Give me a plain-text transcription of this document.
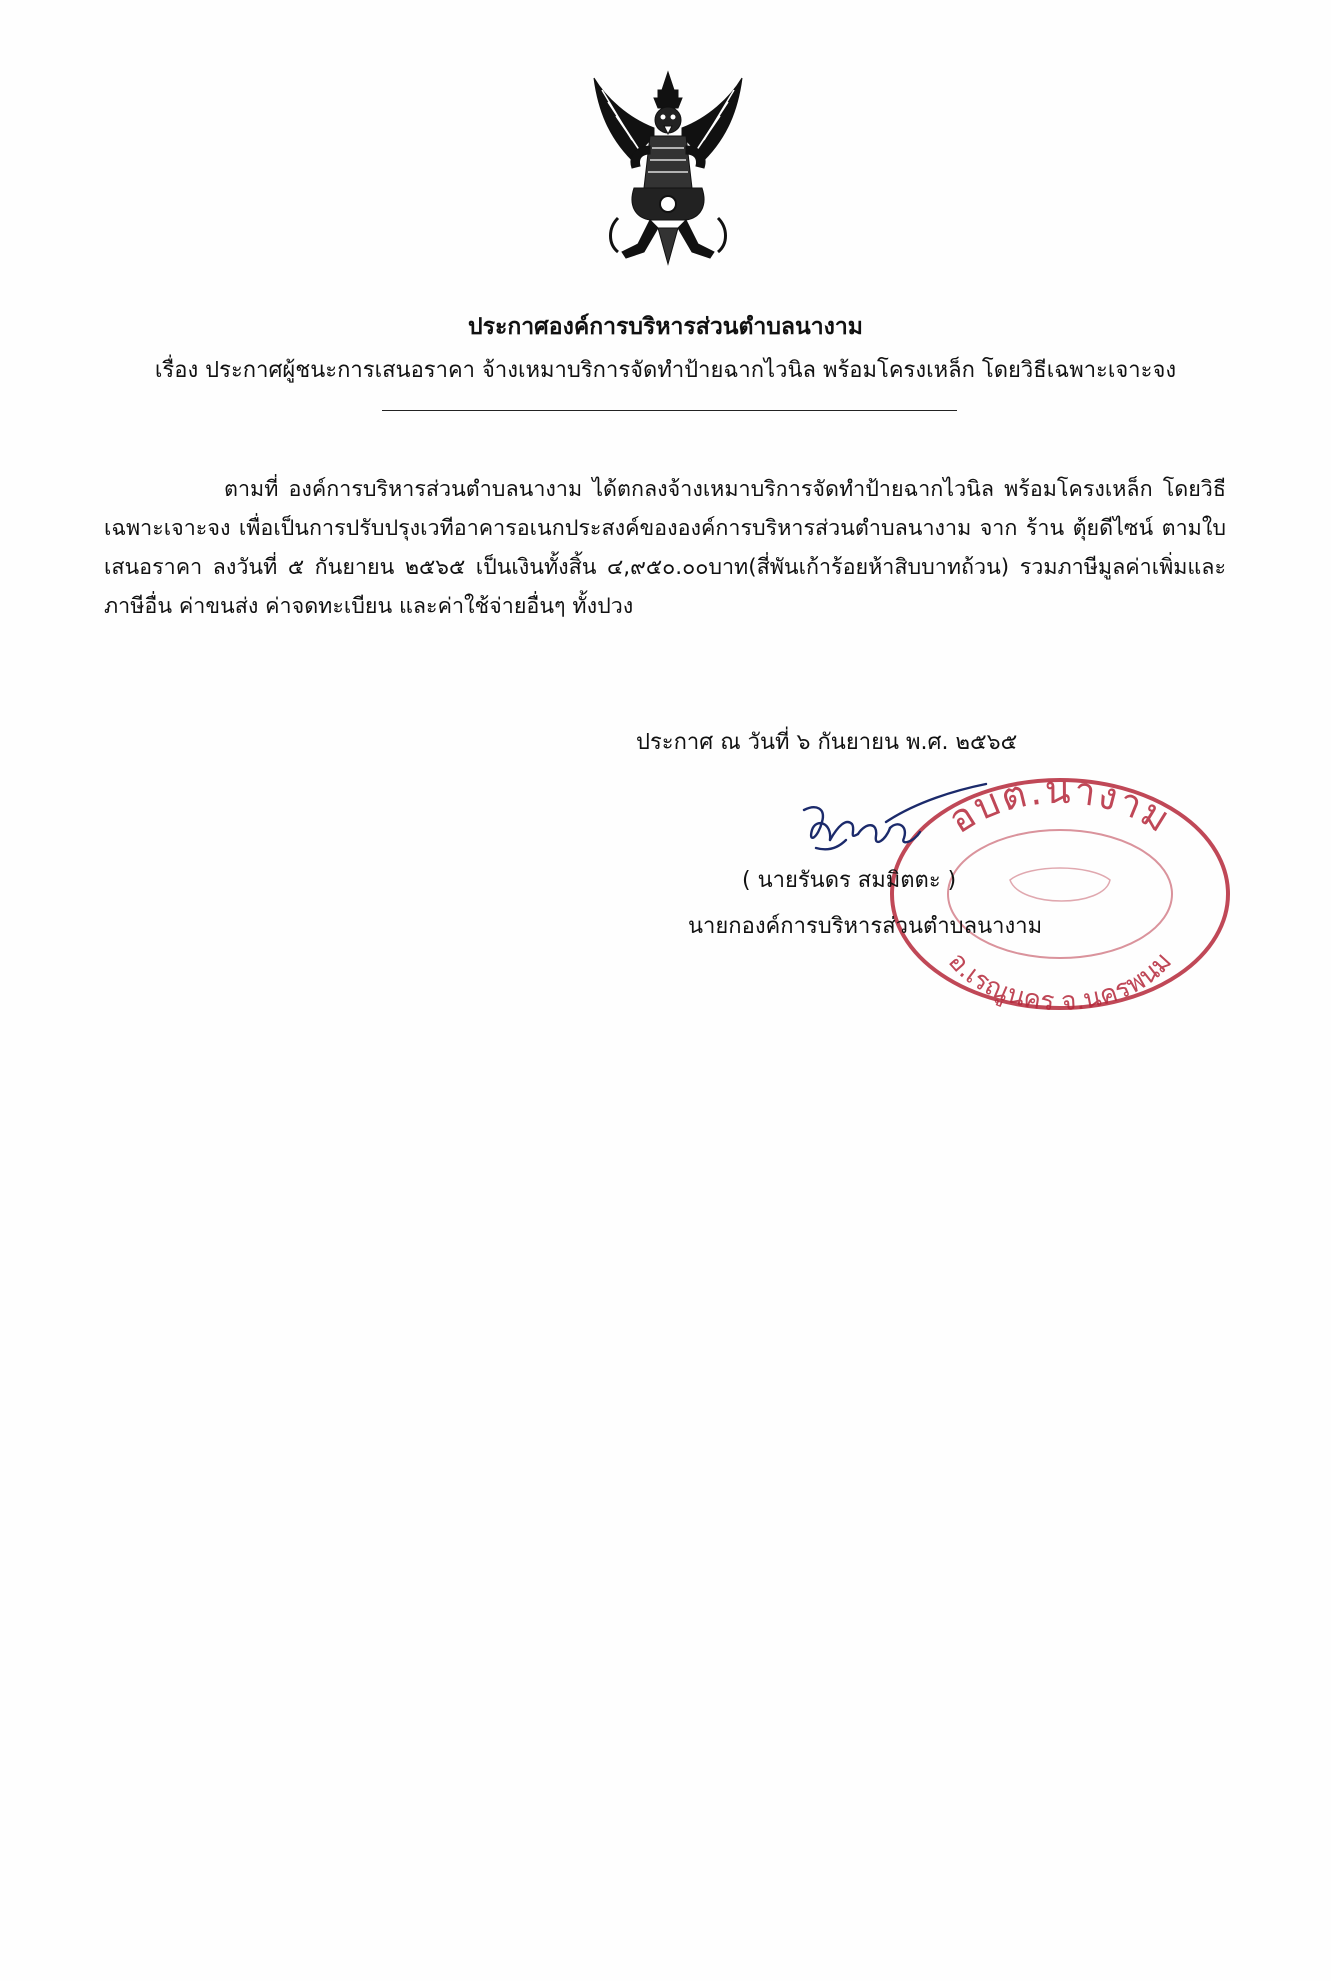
ประกาศองค์การบริหารส่วนตำบลนางาม
เรื่อง ประกาศผู้ชนะการเสนอราคา จ้างเหมาบริการจัดทำป้ายฉากไวนิล พร้อมโครงเหล็ก โดยวิธีเฉพาะเจาะจง
ตามที่ องค์การบริหารส่วนตำบลนางาม ได้ตกลงจ้างเหมาบริการจัดทำป้ายฉากไวนิล พร้อมโครงเหล็ก โดยวิธีเฉพาะเจาะจง เพื่อเป็นการปรับปรุงเวทีอาคารอเนกประสงค์ขององค์การบริหารส่วนตำบลนางาม จาก ร้าน ตุ้ยดีไซน์ ตามใบเสนอราคา ลงวันที่ ๕ กันยายน ๒๕๖๕ เป็นเงินทั้งสิ้น ๔,๙๕๐.๐๐บาท(สี่พันเก้าร้อยห้าสิบบาทถ้วน) รวมภาษีมูลค่าเพิ่มและภาษีอื่น ค่าขนส่ง ค่าจดทะเบียน และค่าใช้จ่ายอื่นๆ ทั้งปวง
ประกาศ ณ วันที่ ๖ กันยายน พ.ศ. ๒๕๖๕
อบต.นางาม
อ.เรณูนคร จ.นครพนม
( นายรันดร สมมิตตะ )
นายกองค์การบริหารส่วนตำบลนางาม
